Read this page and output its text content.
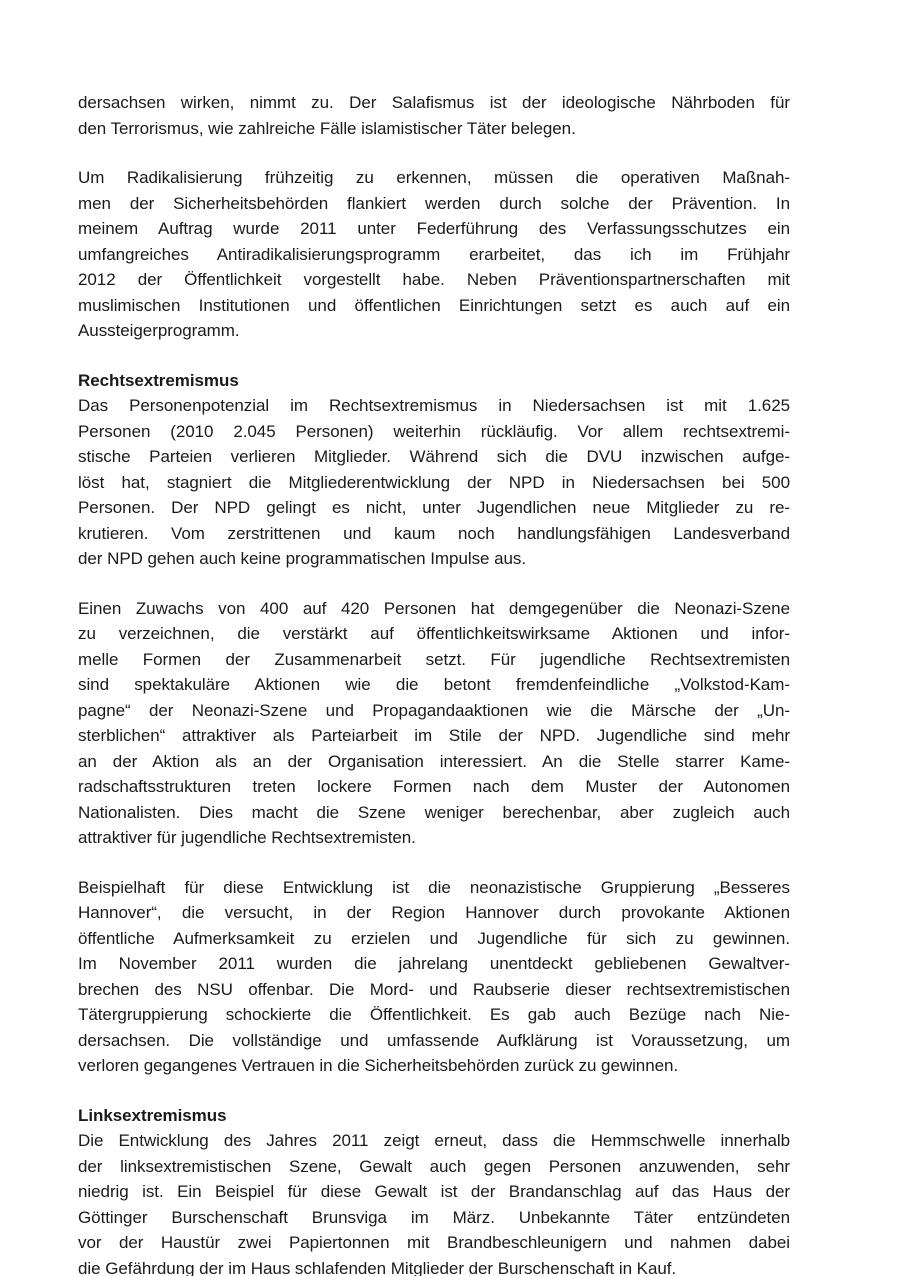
dersachsen wirken, nimmt zu. Der Salafismus ist der ideologische Nährboden für
den Terrorismus, wie zahlreiche Fälle islamistischer Täter belegen.
Um Radikalisierung frühzeitig zu erkennen, müssen die operativen Maßnah-
men der Sicherheitsbehörden flankiert werden durch solche der Prävention. In
meinem Auftrag wurde 2011 unter Federführung des Verfassungsschutzes ein
umfangreiches Antiradikalisierungsprogramm erarbeitet, das ich im Frühjahr
2012 der Öffentlichkeit vorgestellt habe. Neben Präventionspartnerschaften mit
muslimischen Institutionen und öffentlichen Einrichtungen setzt es auch auf ein
Aussteigerprogramm.
Rechtsextremismus
Das Personenpotenzial im Rechtsextremismus in Niedersachsen ist mit 1.625
Personen (2010 2.045 Personen) weiterhin rückläufig. Vor allem rechtsextremi-
stische Parteien verlieren Mitglieder. Während sich die DVU inzwischen aufge-
löst hat, stagniert die Mitgliederentwicklung der NPD in Niedersachsen bei 500
Personen. Der NPD gelingt es nicht, unter Jugendlichen neue Mitglieder zu re-
krutieren. Vom zerstrittenen und kaum noch handlungsfähigen Landesverband
der NPD gehen auch keine programmatischen Impulse aus.
Einen Zuwachs von 400 auf 420 Personen hat demgegenüber die Neonazi-Szene
zu verzeichnen, die verstärkt auf öffentlichkeitswirksame Aktionen und infor-
melle Formen der Zusammenarbeit setzt. Für jugendliche Rechtsextremisten
sind spektakuläre Aktionen wie die betont fremdenfeindliche „Volkstod-Kam-
pagne“ der Neonazi-Szene und Propagandaaktionen wie die Märsche der „Un-
sterblichen“ attraktiver als Parteiarbeit im Stile der NPD. Jugendliche sind mehr
an der Aktion als an der Organisation interessiert. An die Stelle starrer Kame-
radschaftsstrukturen treten lockere Formen nach dem Muster der Autonomen
Nationalisten. Dies macht die Szene weniger berechenbar, aber zugleich auch
attraktiver für jugendliche Rechtsextremisten.
Beispielhaft für diese Entwicklung ist die neonazistische Gruppierung „Besseres
Hannover“, die versucht, in der Region Hannover durch provokante Aktionen
öffentliche Aufmerksamkeit zu erzielen und Jugendliche für sich zu gewinnen.
Im November 2011 wurden die jahrelang unentdeckt gebliebenen Gewaltver-
brechen des NSU offenbar. Die Mord- und Raubserie dieser rechtsextremistischen
Tätergruppierung schockierte die Öffentlichkeit. Es gab auch Bezüge nach Nie-
dersachsen. Die vollständige und umfassende Aufklärung ist Voraussetzung, um
verloren gegangenes Vertrauen in die Sicherheitsbehörden zurück zu gewinnen.
Linksextremismus
Die Entwicklung des Jahres 2011 zeigt erneut, dass die Hemmschwelle innerhalb
der linksextremistischen Szene, Gewalt auch gegen Personen anzuwenden, sehr
niedrig ist. Ein Beispiel für diese Gewalt ist der Brandanschlag auf das Haus der
Göttinger Burschenschaft Brunsviga im März. Unbekannte Täter entzündeten
vor der Haustür zwei Papiertonnen mit Brandbeschleunigern und nahmen dabei
die Gefährdung der im Haus schlafenden Mitglieder der Burschenschaft in Kauf.
